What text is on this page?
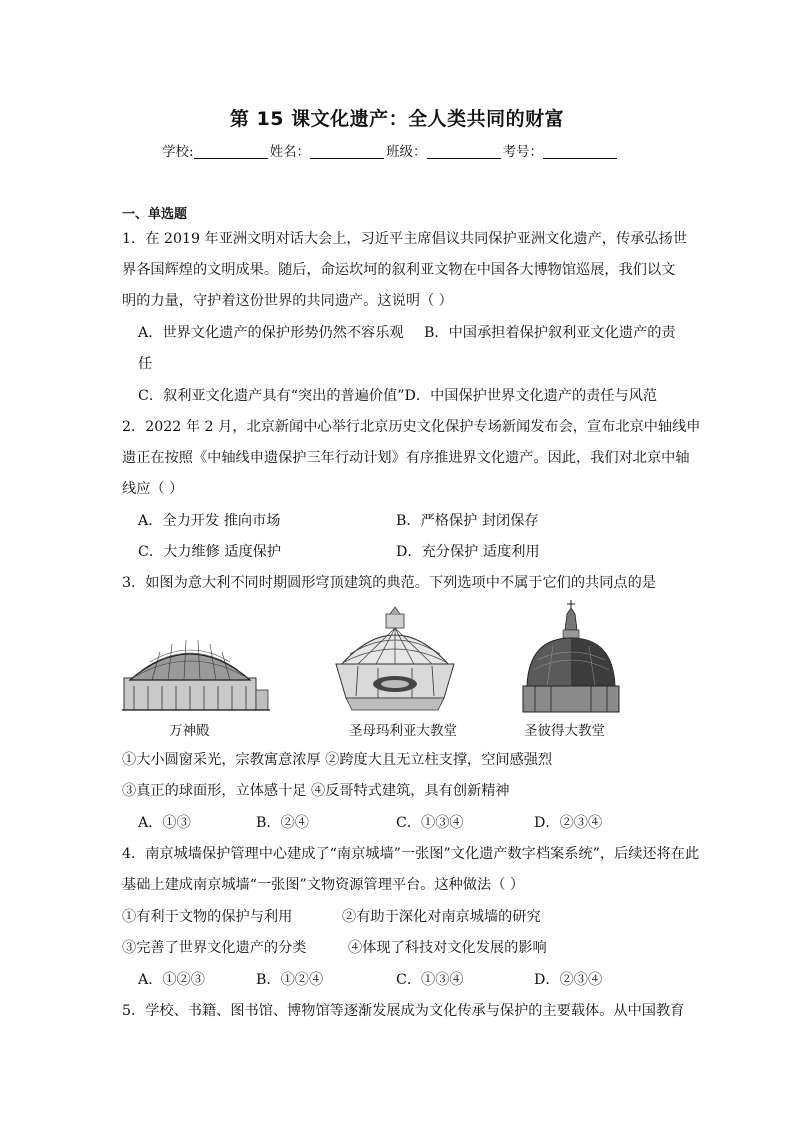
第 15 课文化遗产：全人类共同的财富
学校:	姓名：	班级：	考号：
一、单选题
1．在 2019 年亚洲文明对话大会上，习近平主席倡议共同保护亚洲文化遗产，传承弘扬世
界各国辉煌的文明成果。随后，命运坎坷的叙利亚文物在中国各大博物馆巡展，我们以文
明的力量，守护着这份世界的共同遗产。这说明（ ）
A．世界文化遗产的保护形势仍然不容乐观 B．中国承担着保护叙利亚文化遗产的责
任
C．叙利亚文化遗产具有“突出的普遍价值”D．中国保护世界文化遗产的责任与风范
2．2022 年 2 月，北京新闻中心举行北京历史文化保护专场新闻发布会，宣布北京中轴线申
遗正在按照《中轴线申遗保护三年行动计划》有序推进界文化遗产。因此，我们对北京中轴
线应（ ）
A．全力开发 推向市场	B．严格保护 封闭保存
C．大力维修 适度保护	D．充分保护 适度利用
3．如图为意大利不同时期圆形穹顶建筑的典范。下列选项中不属于它们的共同点的是
万神殿	圣母玛利亚大教堂	圣彼得大教堂
①大小圆窗采光，宗教寓意浓厚 ②跨度大且无立柱支撑，空间感强烈
③真正的球面形，立体感十足 ④反哥特式建筑，具有创新精神
A．①③	B．②④	C．①③④	D．②③④
4．南京城墙保护管理中心建成了“南京城墙”一张图”文化遗产数字档案系统”，后续还将在此
基础上建成南京城墙“一张图”文物资源管理平台。这种做法（ ）
①有利于文物的保护与利用	②有助于深化对南京城墙的研究
③完善了世界文化遗产的分类	④体现了科技对文化发展的影响
A．①②③	B．①②④	C．①③④	D．②③④
5．学校、书籍、图书馆、博物馆等逐渐发展成为文化传承与保护的主要载体。从中国教育
